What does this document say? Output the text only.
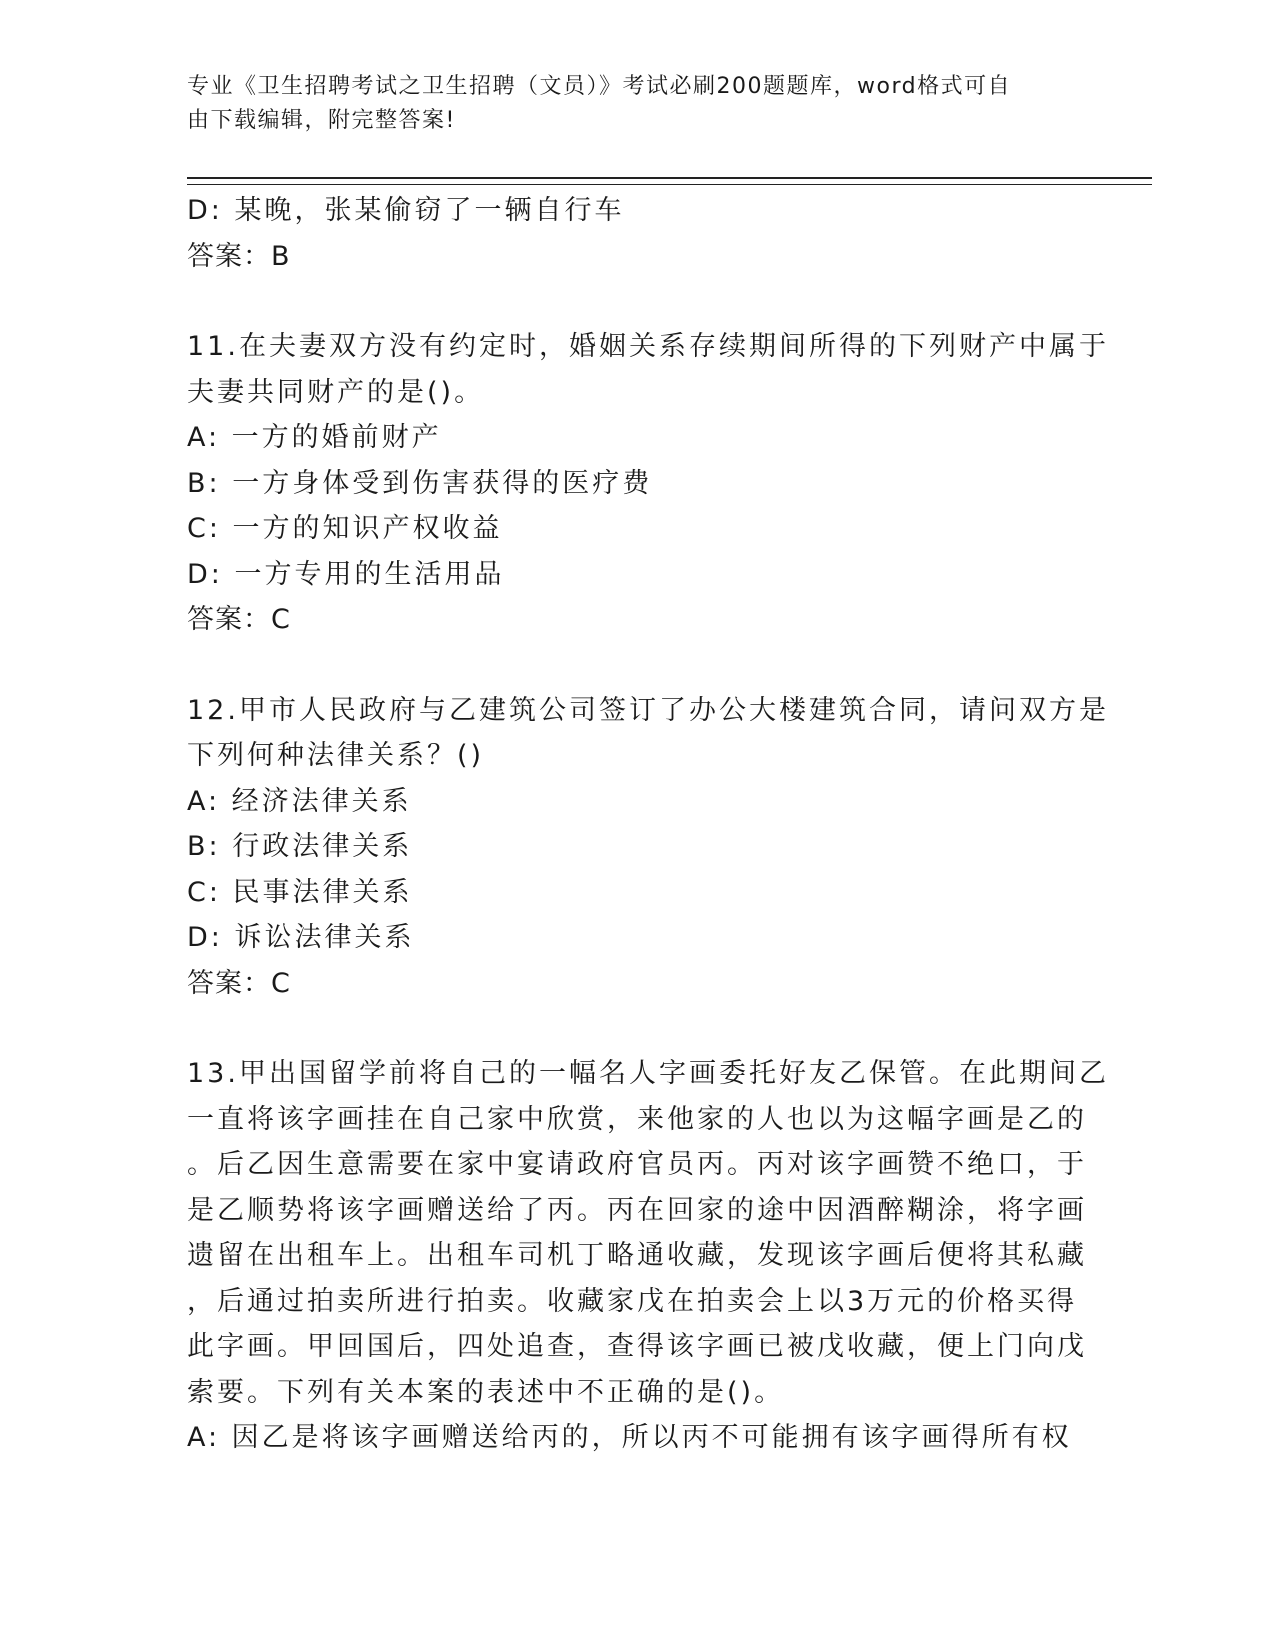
专业《卫生招聘考试之卫生招聘（文员）》考试必刷200题题库，word格式可自
由下载编辑，附完整答案!
D: 某晚，张某偷窃了一辆自行车
答案：B
11.在夫妻双方没有约定时，婚姻关系存续期间所得的下列财产中属于
夫妻共同财产的是()。
A: 一方的婚前财产
B: 一方身体受到伤害获得的医疗费
C: 一方的知识产权收益
D: 一方专用的生活用品
答案：C
12.甲市人民政府与乙建筑公司签订了办公大楼建筑合同，请问双方是
下列何种法律关系？()
A: 经济法律关系
B: 行政法律关系
C: 民事法律关系
D: 诉讼法律关系
答案：C
13.甲出国留学前将自己的一幅名人字画委托好友乙保管。在此期间乙
一直将该字画挂在自己家中欣赏，来他家的人也以为这幅字画是乙的
。后乙因生意需要在家中宴请政府官员丙。丙对该字画赞不绝口，于
是乙顺势将该字画赠送给了丙。丙在回家的途中因酒醉糊涂，将字画
遗留在出租车上。出租车司机丁略通收藏，发现该字画后便将其私藏
，后通过拍卖所进行拍卖。收藏家戊在拍卖会上以3万元的价格买得
此字画。甲回国后，四处追查，查得该字画已被戊收藏，便上门向戊
索要。下列有关本案的表述中不正确的是()。
A: 因乙是将该字画赠送给丙的，所以丙不可能拥有该字画得所有权
